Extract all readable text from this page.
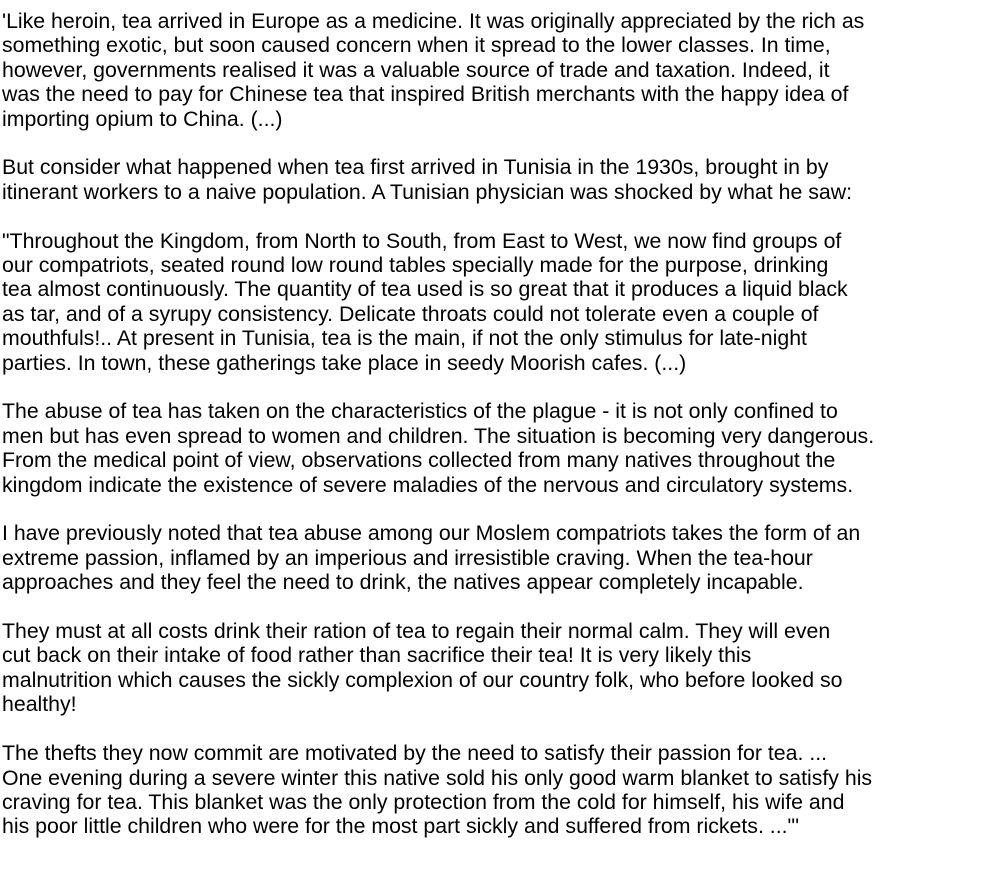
'Like heroin, tea arrived in Europe as a medicine. It was originally appreciated by the rich as
something exotic, but soon caused concern when it spread to the lower classes. In time,
however, governments realised it was a valuable source of trade and taxation. Indeed, it
was the need to pay for Chinese tea that inspired British merchants with the happy idea of
importing opium to China. (...)

But consider what happened when tea first arrived in Tunisia in the 1930s, brought in by
itinerant workers to a naive population. A Tunisian physician was shocked by what he saw:

"Throughout the Kingdom, from North to South, from East to West, we now find groups of
our compatriots, seated round low round tables specially made for the purpose, drinking
tea almost continuously. The quantity of tea used is so great that it produces a liquid black
as tar, and of a syrupy consistency. Delicate throats could not tolerate even a couple of
mouthfuls!.. At present in Tunisia, tea is the main, if not the only stimulus for late-night
parties. In town, these gatherings take place in seedy Moorish cafes. (...)

The abuse of tea has taken on the characteristics of the plague - it is not only confined to
men but has even spread to women and children. The situation is becoming very dangerous.
From the medical point of view, observations collected from many natives throughout the
kingdom indicate the existence of severe maladies of the nervous and circulatory systems.

I have previously noted that tea abuse among our Moslem compatriots takes the form of an
extreme passion, inflamed by an imperious and irresistible craving. When the tea-hour
approaches and they feel the need to drink, the natives appear completely incapable.

They must at all costs drink their ration of tea to regain their normal calm. They will even
cut back on their intake of food rather than sacrifice their tea! It is very likely this
malnutrition which causes the sickly complexion of our country folk, who before looked so
healthy!

The thefts they now commit are motivated by the need to satisfy their passion for tea. ...
One evening during a severe winter this native sold his only good warm blanket to satisfy his
craving for tea. This blanket was the only protection from the cold for himself, his wife and
his poor little children who were for the most part sickly and suffered from rickets. ..."'
